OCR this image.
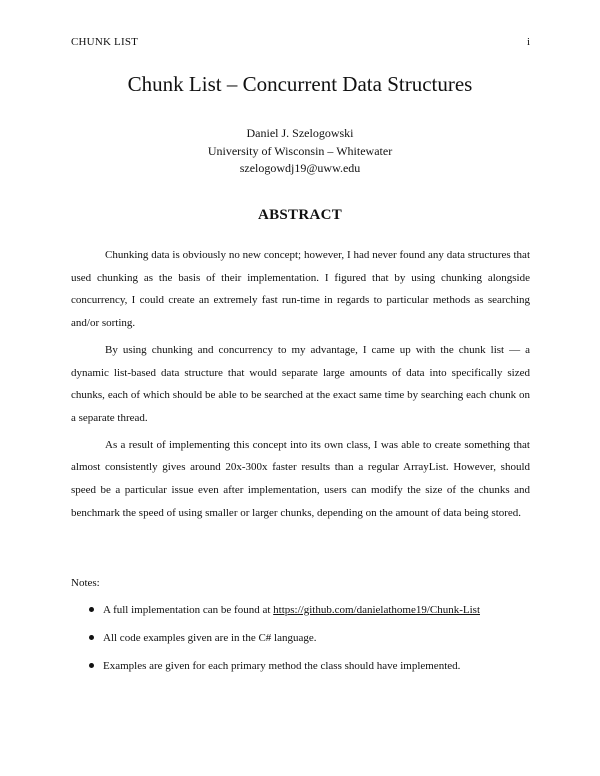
CHUNK LIST	i
Chunk List – Concurrent Data Structures
Daniel J. Szelogowski
University of Wisconsin – Whitewater
szelogowdj19@uww.edu
ABSTRACT

Chunking data is obviously no new concept; however, I had never found any data structures that used chunking as the basis of their implementation. I figured that by using chunking alongside concurrency, I could create an extremely fast run-time in regards to particular methods as searching and/or sorting.

By using chunking and concurrency to my advantage, I came up with the chunk list — a dynamic list-based data structure that would separate large amounts of data into specifically sized chunks, each of which should be able to be searched at the exact same time by searching each chunk on a separate thread.

As a result of implementing this concept into its own class, I was able to create something that almost consistently gives around 20x-300x faster results than a regular ArrayList. However, should speed be a particular issue even after implementation, users can modify the size of the chunks and benchmark the speed of using smaller or larger chunks, depending on the amount of data being stored.

Notes:
A full implementation can be found at https://github.com/danielathome19/Chunk-List
All code examples given are in the C# language.
Examples are given for each primary method the class should have implemented.
